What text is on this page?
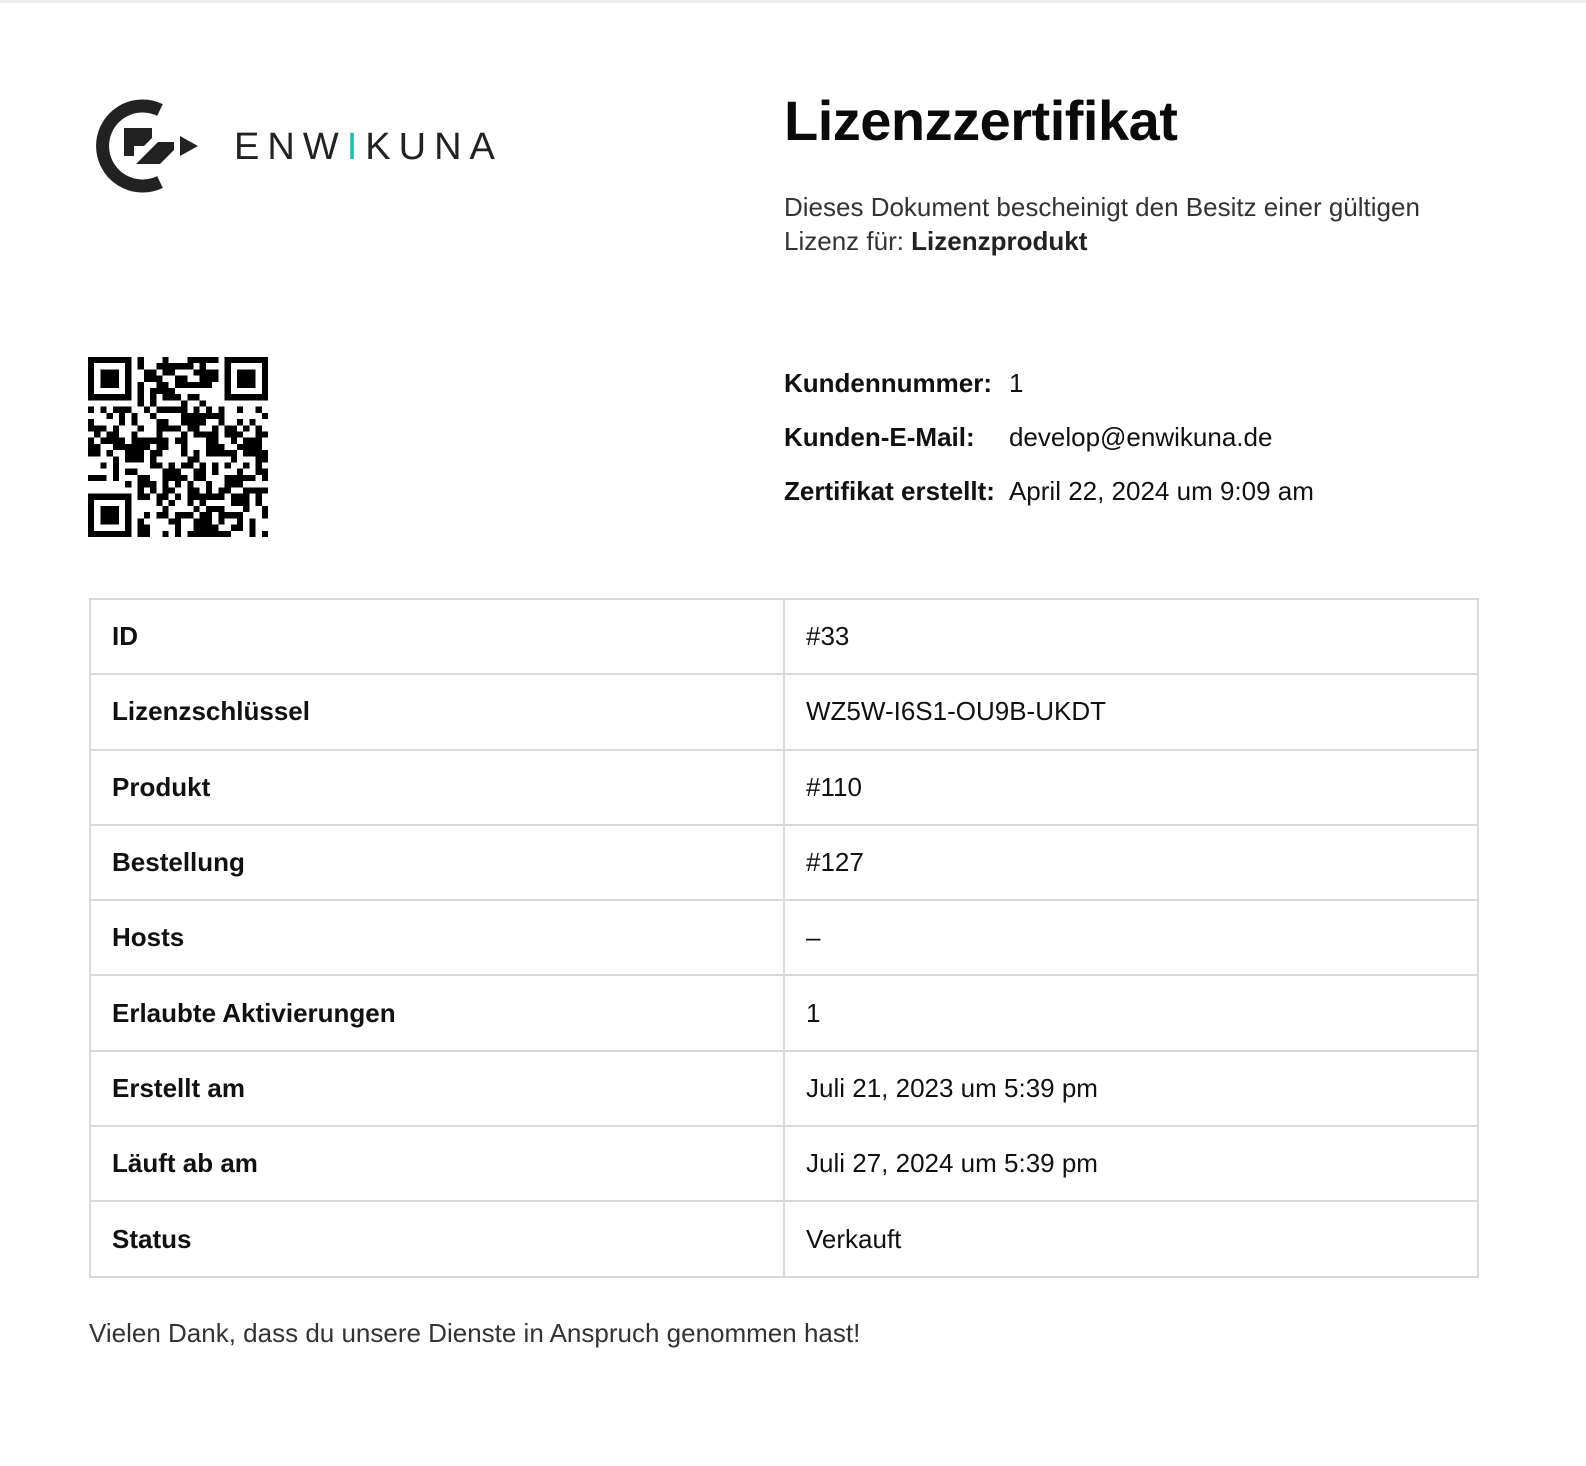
E N W I K U N A	Lizenzzertifikat

Dieses Dokument bescheinigt den Besitz einer gültigen Lizenz für: Lizenzprodukt

Kundennummer:	1
Kunden-E-Mail:	develop@enwikuna.de
Zertifikat erstellt:	April 22, 2024 um 9:09 am
ID	#33
Lizenzschlüssel	WZ5W-I6S1-OU9B-UKDT
Produkt	#110
Bestellung	#127
Hosts	–
Erlaubte Aktivierungen	1
Erstellt am	Juli 21, 2023 um 5:39 pm
Läuft ab am	Juli 27, 2024 um 5:39 pm
Status	Verkauft

Vielen Dank, dass du unsere Dienste in Anspruch genommen hast!
